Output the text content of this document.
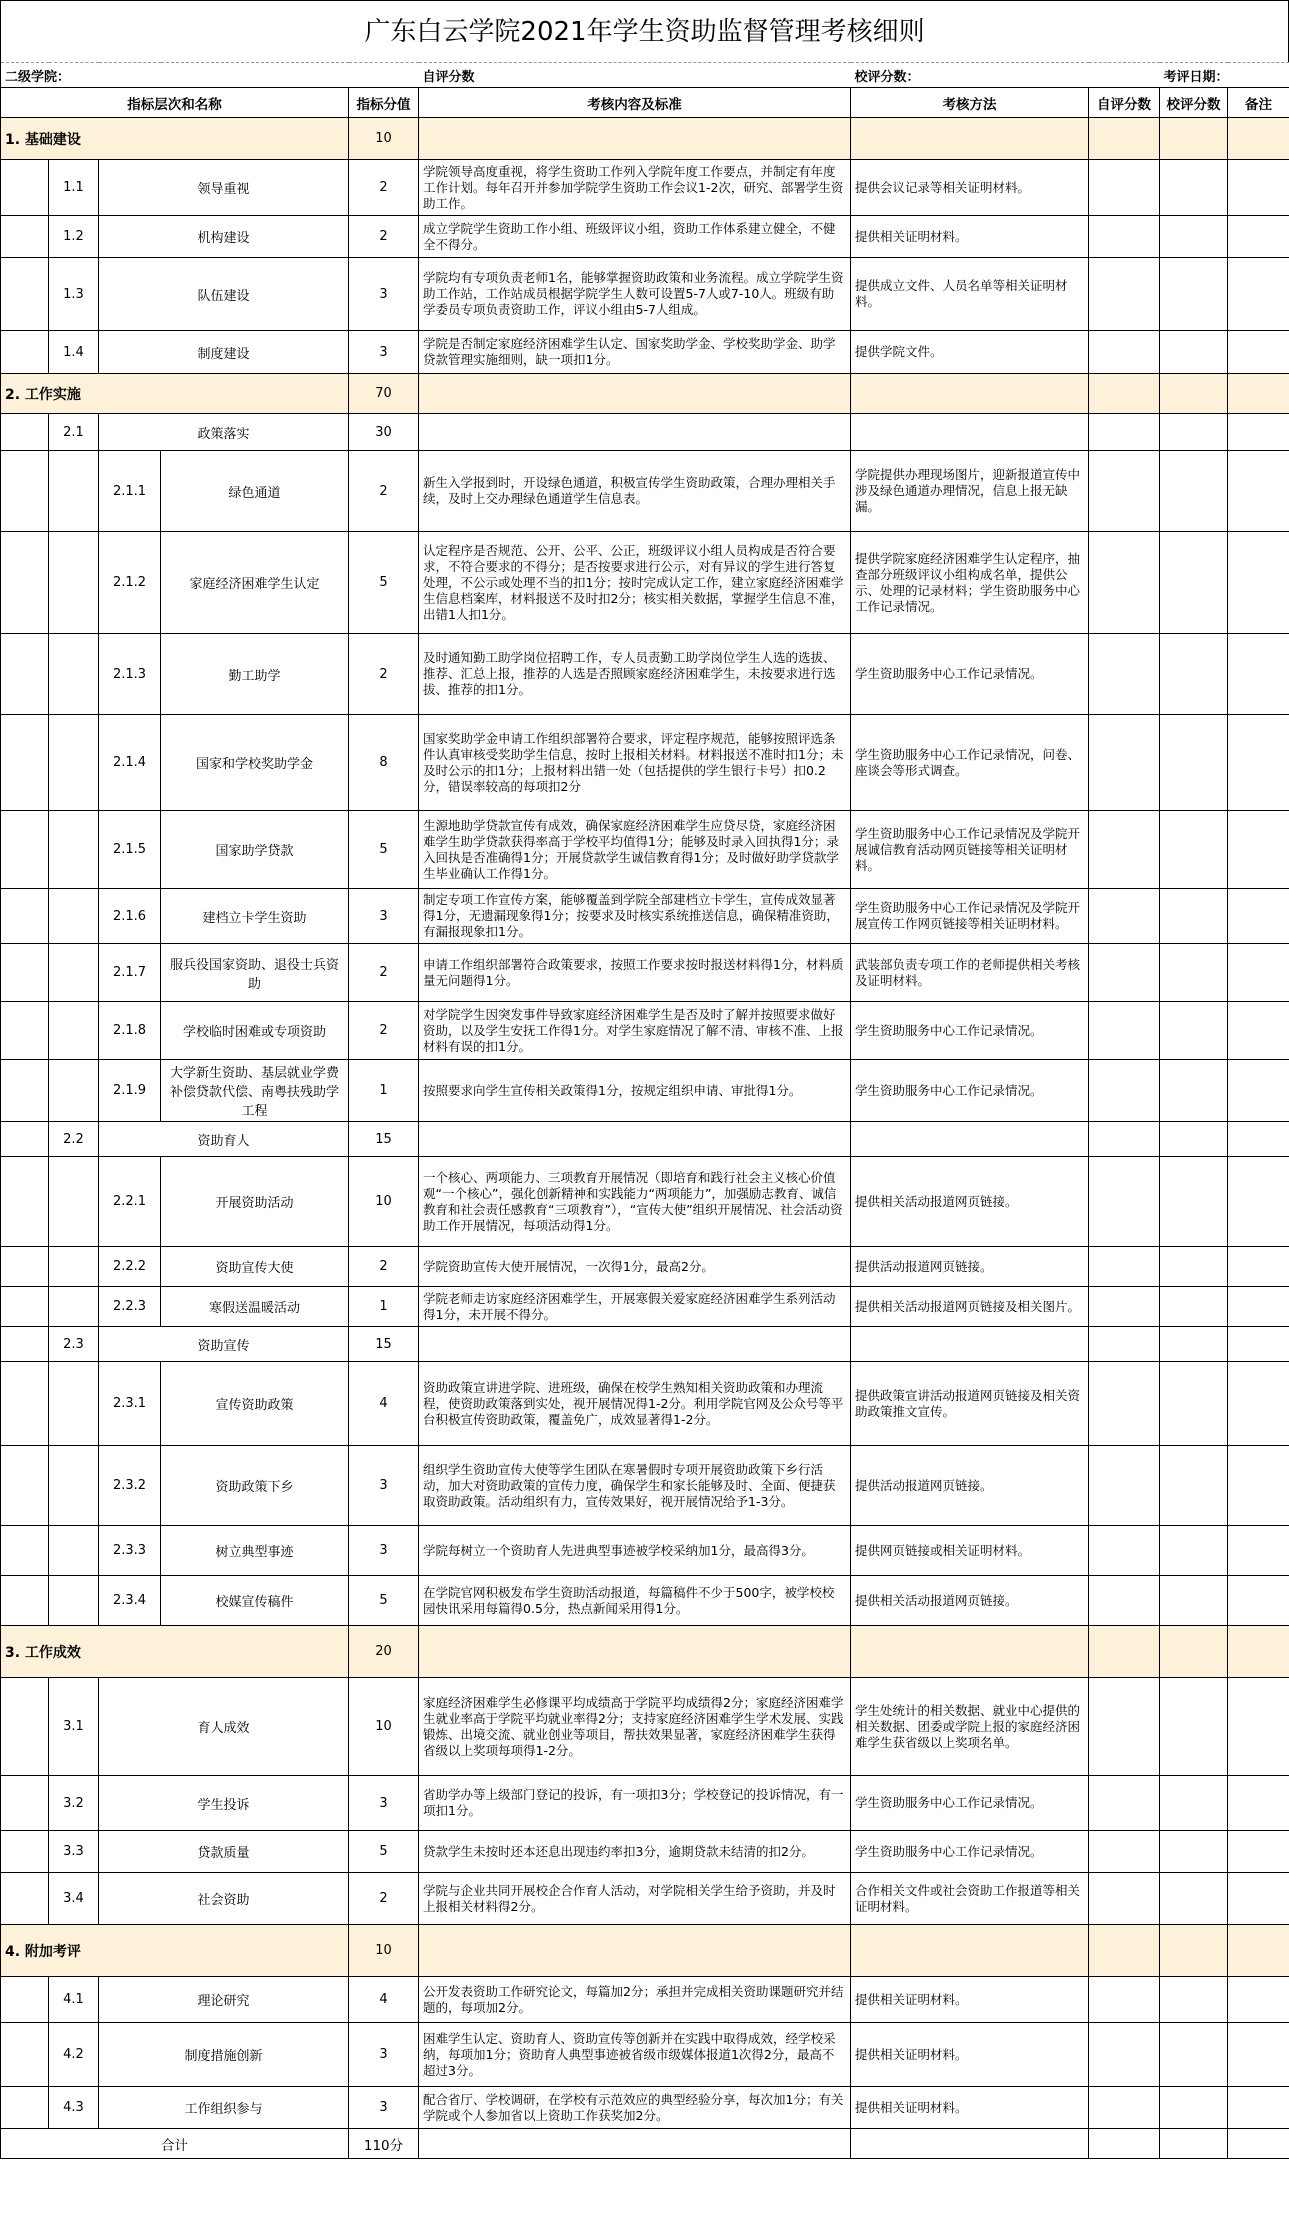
广东白云学院2021年学生资助监督管理考核细则
二级学院：					自评分数	校评分数：		考评日期：	
指标层次和名称				指标分值	考核内容及标准	考核方法	自评分数	校评分数	备注
1. 基础建设				10					
	1.1	领导重视		2	学院领导高度重视，将学生资助工作列入学院年度工作要点，并制定有年度工作计划。每年召开并参加学院学生资助工作会议1-2次，研究、部署学生资助工作。	提供会议记录等相关证明材料。			
	1.2	机构建设		2	成立学院学生资助工作小组、班级评议小组，资助工作体系建立健全，不健全不得分。	提供相关证明材料。			
	1.3	队伍建设		3	学院均有专项负责老师1名，能够掌握资助政策和业务流程。成立学院学生资助工作站，工作站成员根据学院学生人数可设置5-7人或7-10人。班级有助学委员专项负责资助工作，评议小组由5-7人组成。	提供成立文件、人员名单等相关证明材料。			
	1.4	制度建设		3	学院是否制定家庭经济困难学生认定、国家奖助学金、学校奖助学金、助学贷款管理实施细则，缺一项扣1分。	提供学院文件。			
2. 工作实施				70					
	2.1	政策落实		30					
		2.1.1	绿色通道	2	新生入学报到时，开设绿色通道，积极宣传学生资助政策，合理办理相关手续，及时上交办理绿色通道学生信息表。	学院提供办理现场图片，迎新报道宣传中涉及绿色通道办理情况，信息上报无缺漏。			
		2.1.2	家庭经济困难学生认定	5	认定程序是否规范、公开、公平、公正，班级评议小组人员构成是否符合要求，不符合要求的不得分；是否按要求进行公示，对有异议的学生进行答复处理，不公示或处理不当的扣1分；按时完成认定工作，建立家庭经济困难学生信息档案库，材料报送不及时扣2分；核实相关数据，掌握学生信息不准，出错1人扣1分。	提供学院家庭经济困难学生认定程序，抽查部分班级评议小组构成名单，提供公示、处理的记录材料；学生资助服务中心工作记录情况。			
		2.1.3	勤工助学	2	及时通知勤工助学岗位招聘工作，专人员责勤工助学岗位学生人选的选拔、推荐、汇总上报，推荐的人选是否照顾家庭经济困难学生，未按要求进行选拔、推荐的扣1分。	学生资助服务中心工作记录情况。			
		2.1.4	国家和学校奖助学金	8	国家奖助学金申请工作组织部署符合要求，评定程序规范，能够按照评选条件认真审核受奖助学生信息，按时上报相关材料。材料报送不准时扣1分；未及时公示的扣1分；上报材料出错一处（包括提供的学生银行卡号）扣0.2分，错误率较高的每项扣2分	学生资助服务中心工作记录情况，问卷、座谈会等形式调查。			
		2.1.5	国家助学贷款	5	生源地助学贷款宣传有成效，确保家庭经济困难学生应贷尽贷，家庭经济困难学生助学贷款获得率高于学校平均值得1分；能够及时录入回执得1分；录入回执是否准确得1分；开展贷款学生诚信教育得1分；及时做好助学贷款学生毕业确认工作得1分。	学生资助服务中心工作记录情况及学院开展诚信教育活动网页链接等相关证明材料。			
		2.1.6	建档立卡学生资助	3	制定专项工作宣传方案，能够覆盖到学院全部建档立卡学生，宣传成效显著得1分，无遗漏现象得1分；按要求及时核实系统推送信息，确保精准资助，有漏报现象扣1分。	学生资助服务中心工作记录情况及学院开展宣传工作网页链接等相关证明材料。			
		2.1.7	服兵役国家资助、退役士兵资助	2	申请工作组织部署符合政策要求，按照工作要求按时报送材料得1分，材料质量无问题得1分。	武装部负责专项工作的老师提供相关考核及证明材料。			
		2.1.8	学校临时困难或专项资助	2	对学院学生因突发事件导致家庭经济困难学生是否及时了解并按照要求做好资助，以及学生安抚工作得1分。对学生家庭情况了解不清、审核不准、上报材料有误的扣1分。	学生资助服务中心工作记录情况。			
		2.1.9	大学新生资助、基层就业学费补偿贷款代偿、南粤扶残助学工程	1	按照要求向学生宣传相关政策得1分，按规定组织申请、审批得1分。	学生资助服务中心工作记录情况。			
	2.2	资助育人		15					
		2.2.1	开展资助活动	10	一个核心、两项能力、三项教育开展情况（即培育和践行社会主义核心价值观“一个核心”，强化创新精神和实践能力“两项能力”，加强励志教育、诚信教育和社会责任感教育“三项教育”），“宣传大使”组织开展情况、社会活动资助工作开展情况，每项活动得1分。	提供相关活动报道网页链接。			
		2.2.2	资助宣传大使	2	学院资助宣传大使开展情况，一次得1分，最高2分。	提供活动报道网页链接。			
		2.2.3	寒假送温暖活动	1	学院老师走访家庭经济困难学生，开展寒假关爱家庭经济困难学生系列活动得1分，未开展不得分。	提供相关活动报道网页链接及相关图片。			
	2.3	资助宣传		15					
		2.3.1	宣传资助政策	4	资助政策宣讲进学院、进班级，确保在校学生熟知相关资助政策和办理流程，使资助政策落到实处，视开展情况得1-2分。利用学院官网及公众号等平台积极宣传资助政策，覆盖免广，成效显著得1-2分。	提供政策宣讲活动报道网页链接及相关资助政策推文宣传。			
		2.3.2	资助政策下乡	3	组织学生资助宣传大使等学生团队在寒暑假时专项开展资助政策下乡行活动，加大对资助政策的宣传力度，确保学生和家长能够及时、全面、便捷获取资助政策。活动组织有力，宣传效果好，视开展情况给予1-3分。	提供活动报道网页链接。			
		2.3.3	树立典型事迹	3	学院每树立一个资助育人先进典型事迹被学校采纳加1分，最高得3分。	提供网页链接或相关证明材料。			
		2.3.4	校媒宣传稿件	5	在学院官网积极发布学生资助活动报道，每篇稿件不少于500字，被学校校园快讯采用每篇得0.5分，热点新闻采用得1分。	提供相关活动报道网页链接。			
3. 工作成效				20					
	3.1	育人成效		10	家庭经济困难学生必修课平均成绩高于学院平均成绩得2分；家庭经济困难学生就业率高于学院平均就业率得2分；支持家庭经济困难学生学术发展、实践锻炼、出境交流、就业创业等项目，帮扶效果显著，家庭经济困难学生获得省级以上奖项每项得1-2分。	学生处统计的相关数据、就业中心提供的相关数据、团委或学院上报的家庭经济困难学生获省级以上奖项名单。			
	3.2	学生投诉		3	省助学办等上级部门登记的投诉，有一项扣3分；学校登记的投诉情况，有一项扣1分。	学生资助服务中心工作记录情况。			
	3.3	贷款质量		5	贷款学生未按时还本还息出现违约率扣3分，逾期贷款未结清的扣2分。	学生资助服务中心工作记录情况。			
	3.4	社会资助		2	学院与企业共同开展校企合作育人活动，对学院相关学生给予资助，并及时上报相关材料得2分。	合作相关文件或社会资助工作报道等相关证明材料。			
4. 附加考评				10					
	4.1	理论研究		4	公开发表资助工作研究论文，每篇加2分；承担并完成相关资助课题研究并结题的，每项加2分。	提供相关证明材料。			
	4.2	制度措施创新		3	困难学生认定、资助育人、资助宣传等创新并在实践中取得成效，经学校采纳，每项加1分；资助育人典型事迹被省级市级媒体报道1次得2分，最高不超过3分。	提供相关证明材料。			
	4.3	工作组织参与		3	配合省厅、学校调研，在学校有示范效应的典型经验分享，每次加1分；有关学院或个人参加省以上资助工作获奖加2分。	提供相关证明材料。			
合计				110分					
